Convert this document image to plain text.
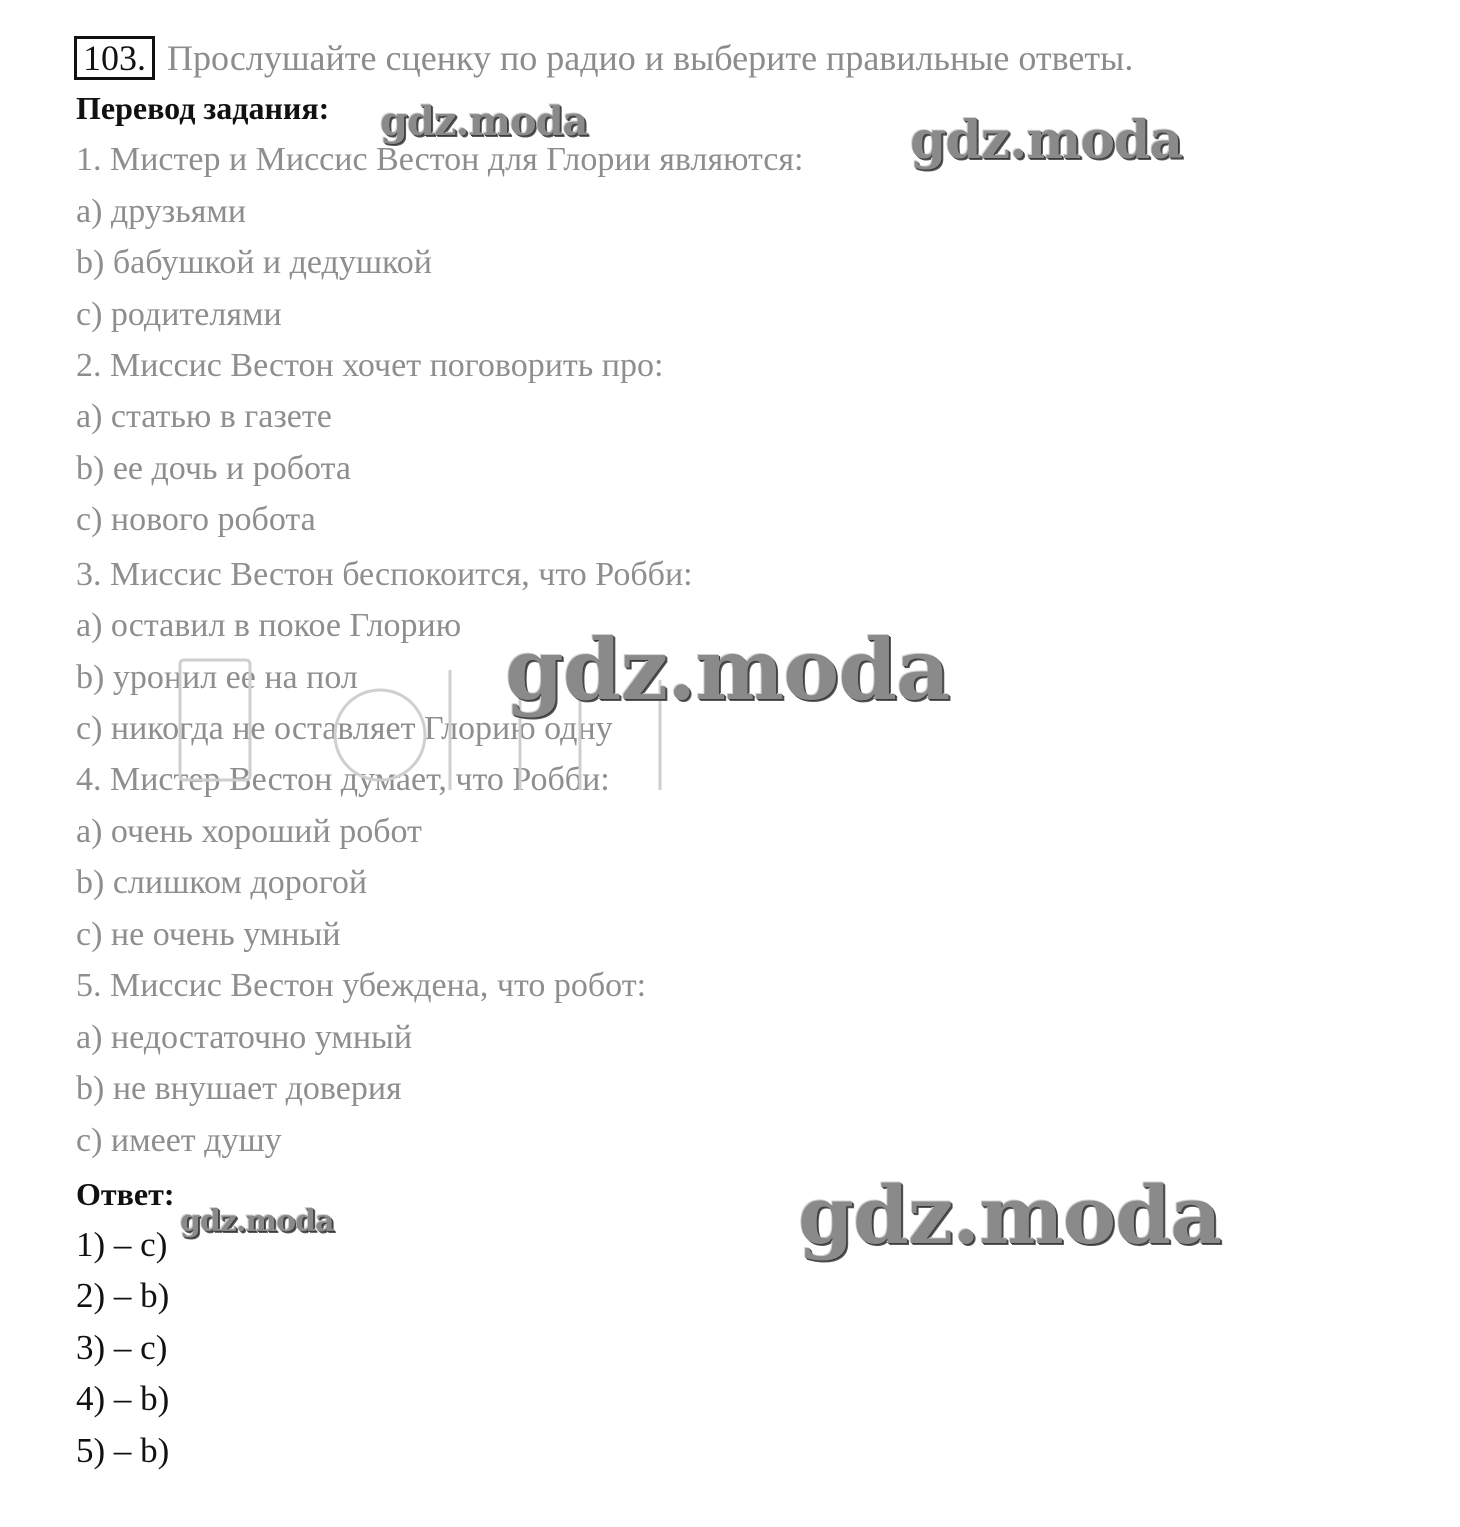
103. Прослушайте сценку по радио и выберите правильные ответы.
Перевод задания:
1. Мистер и Миссис Вестон для Глории являются:
a) друзьями
b) бабушкой и дедушкой
c) родителями
2. Миссис Вестон хочет поговорить про:
a) статью в газете
b) ее дочь и робота
c) нового робота
3. Миссис Вестон беспокоится, что Робби:
a) оставил в покое Глорию
b) уронил ее на пол
c) никогда не оставляет Глорию одну
4. Мистер Вестон думает, что Робби:
a) очень хороший робот
b) слишком дорогой
c) не очень умный
5. Миссис Вестон убеждена, что робот:
a) недостаточно умный
b) не внушает доверия
c) имеет душу
Ответ:
1) – c)
2) – b)
3) – c)
4) – b)
5) – b)
gdz.moda	gdz.moda
gdz.moda
gdz.moda	gdz.moda
